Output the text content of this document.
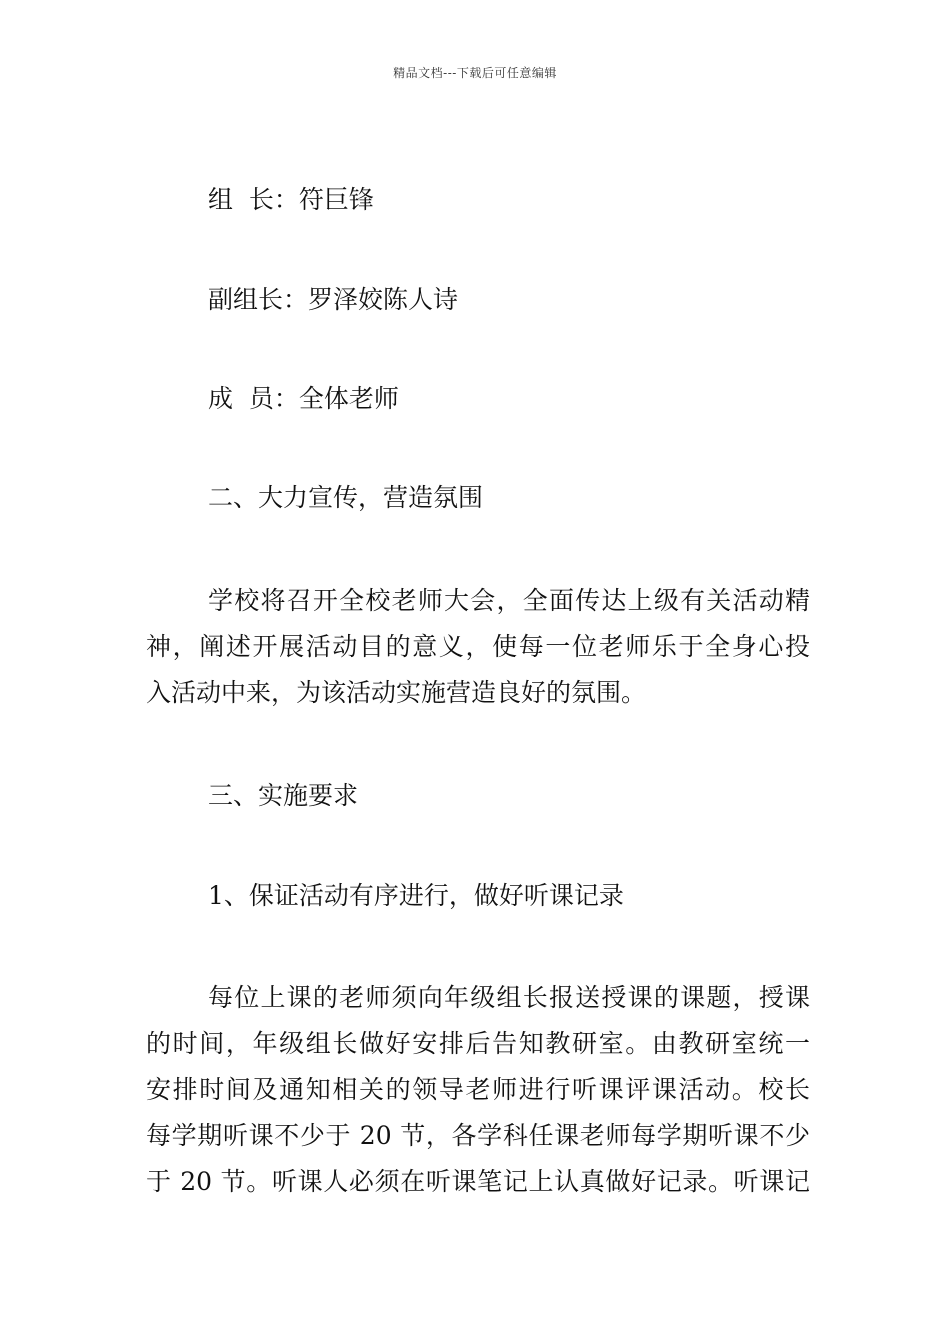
精品文档---下载后可任意编辑
组  长：符巨锋
副组长：罗泽姣陈人诗
成  员：全体老师
二、大力宣传，营造氛围
学校将召开全校老师大会，全面传达上级有关活动精
神，阐述开展活动目的意义，使每一位老师乐于全身心投
入活动中来，为该活动实施营造良好的氛围。
三、实施要求
1、保证活动有序进行，做好听课记录
每位上课的老师须向年级组长报送授课的课题，授课
的时间，年级组长做好安排后告知教研室。由教研室统一
安排时间及通知相关的领导老师进行听课评课活动。校长
每学期听课不少于 20 节，各学科任课老师每学期听课不少
于 20 节。听课人必须在听课笔记上认真做好记录。听课记
